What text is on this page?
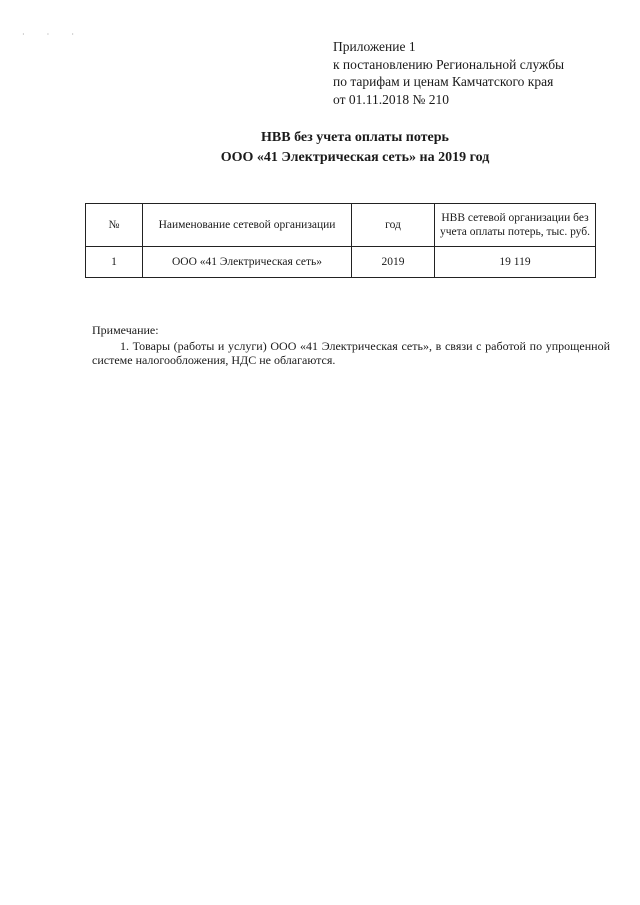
· · ·
Приложение 1
к постановлению Региональной службы
по тарифам и ценам Камчатского края
от 01.11.2018 № 210
НВВ без учета оплаты потерь
ООО «41 Электрическая сеть» на 2019 год
№	Наименование сетевой организации	год	НВВ сетевой организации без учета оплаты потерь, тыс. руб.
1	ООО «41 Электрическая сеть»	2019	19 119
Примечание:
1. Товары (работы и услуги) ООО «41 Электрическая сеть», в связи с работой по упрощенной системе налогообложения, НДС не облагаются.
